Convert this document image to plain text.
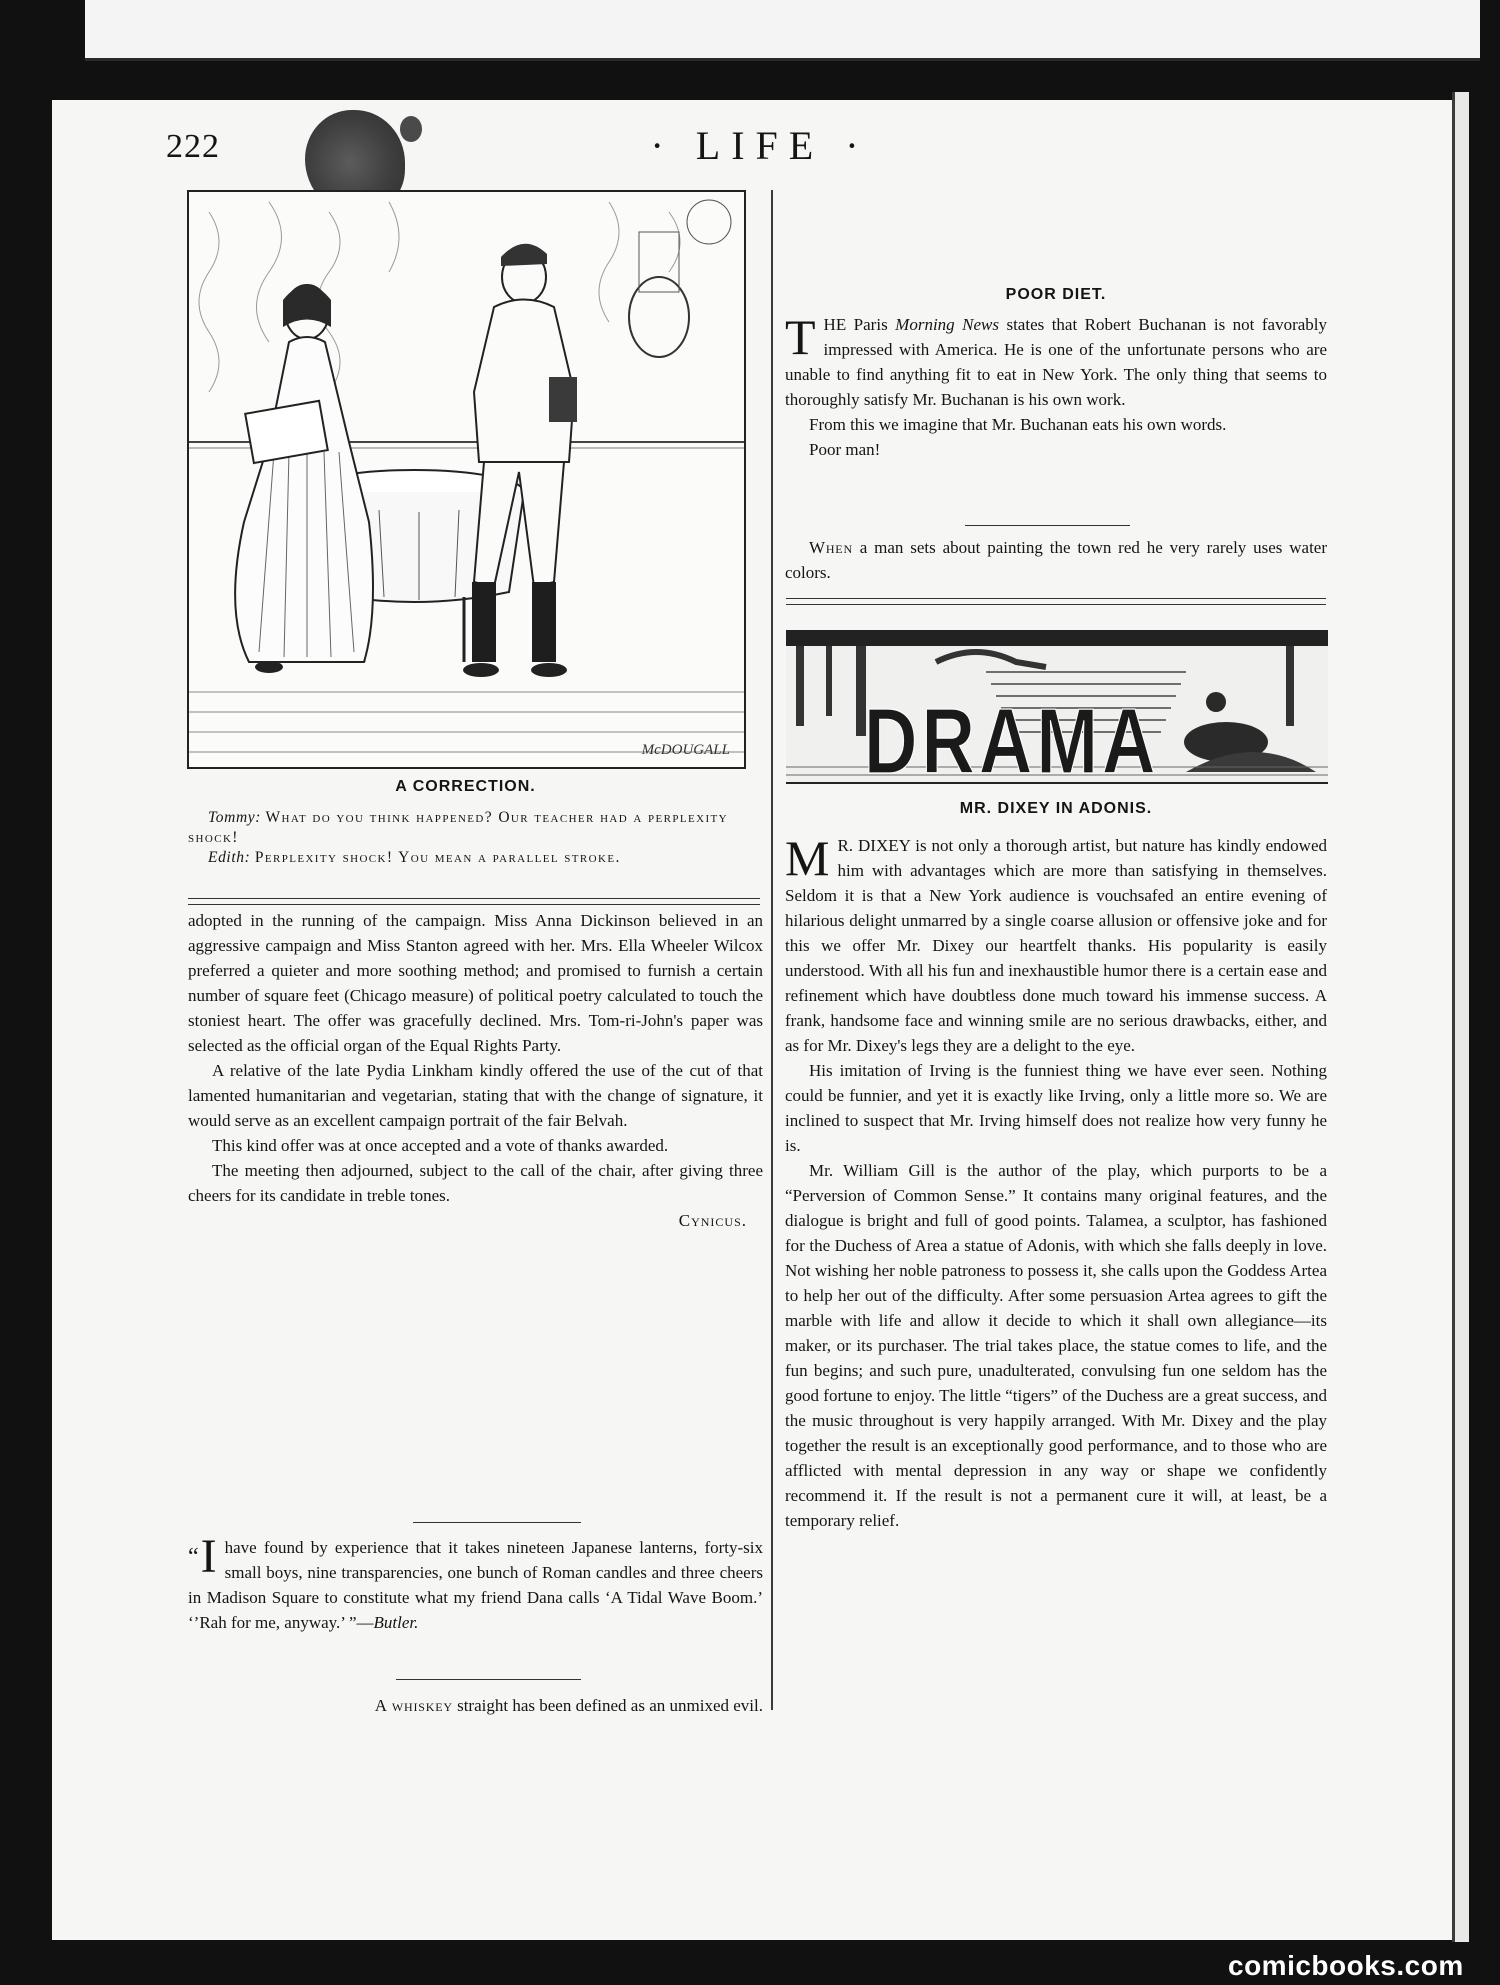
222	· LIFE ·
McDOUGALL
A CORRECTION.

Tommy: What do you think happened? Our teacher had a perplexity shock!

Edith: Perplexity shock! You mean a parallel stroke.

adopted in the running of the campaign. Miss Anna Dickinson believed in an aggressive campaign and Miss Stanton agreed with her. Mrs. Ella Wheeler Wilcox preferred a quieter and more soothing method; and promised to furnish a certain number of square feet (Chicago measure) of political poetry calculated to touch the stoniest heart. The offer was gracefully declined. Mrs. Tom-ri-John's paper was selected as the official organ of the Equal Rights Party.

A relative of the late Pydia Linkham kindly offered the use of the cut of that lamented humanitarian and vegetarian, stating that with the change of signature, it would serve as an excellent campaign portrait of the fair Belvah.

This kind offer was at once accepted and a vote of thanks awarded.

The meeting then adjourned, subject to the call of the chair, after giving three cheers for its candidate in treble tones.

Cynicus.

“I have found by experience that it takes nineteen Japanese lanterns, forty-six small boys, nine transparencies, one bunch of Roman candles and three cheers in Madison Square to constitute what my friend Dana calls ‘A Tidal Wave Boom.’ ‘’Rah for me, anyway.’ ”—Butler.

A whiskey straight has been defined as an unmixed evil.
POOR DIET.

T HE Paris Morning News states that Robert Buchanan is not favorably impressed with America. He is one of the unfortunate persons who are unable to find anything fit to eat in New York. The only thing that seems to thoroughly satisfy Mr. Buchanan is his own work.

From this we imagine that Mr. Buchanan eats his own words.

Poor man!

When a man sets about painting the town red he very rarely uses water colors.

DRAMA
MR. DIXEY IN ADONIS.

M R. DIXEY is not only a thorough artist, but nature has kindly endowed him with advantages which are more than satisfying in themselves. Seldom it is that a New York audience is vouchsafed an entire evening of hilarious delight unmarred by a single coarse allusion or offensive joke and for this we offer Mr. Dixey our heartfelt thanks. His popularity is easily understood. With all his fun and inexhaustible humor there is a certain ease and refinement which have doubtless done much toward his immense success. A frank, handsome face and winning smile are no serious drawbacks, either, and as for Mr. Dixey's legs they are a delight to the eye.

His imitation of Irving is the funniest thing we have ever seen. Nothing could be funnier, and yet it is exactly like Irving, only a little more so. We are inclined to suspect that Mr. Irving himself does not realize how very funny he is.

Mr. William Gill is the author of the play, which purports to be a “Perversion of Common Sense.” It contains many original features, and the dialogue is bright and full of good points. Talamea, a sculptor, has fashioned for the Duchess of Area a statue of Adonis, with which she falls deeply in love. Not wishing her noble patroness to possess it, she calls upon the Goddess Artea to help her out of the difficulty. After some persuasion Artea agrees to gift the marble with life and allow it decide to which it shall own allegiance—its maker, or its purchaser. The trial takes place, the statue comes to life, and the fun begins; and such pure, unadulterated, convulsing fun one seldom has the good fortune to enjoy. The little “tigers” of the Duchess are a great success, and the music throughout is very happily arranged. With Mr. Dixey and the play together the result is an exceptionally good performance, and to those who are afflicted with mental depression in any way or shape we confidently recommend it. If the result is not a permanent cure it will, at least, be a temporary relief.

comicbooks.com
